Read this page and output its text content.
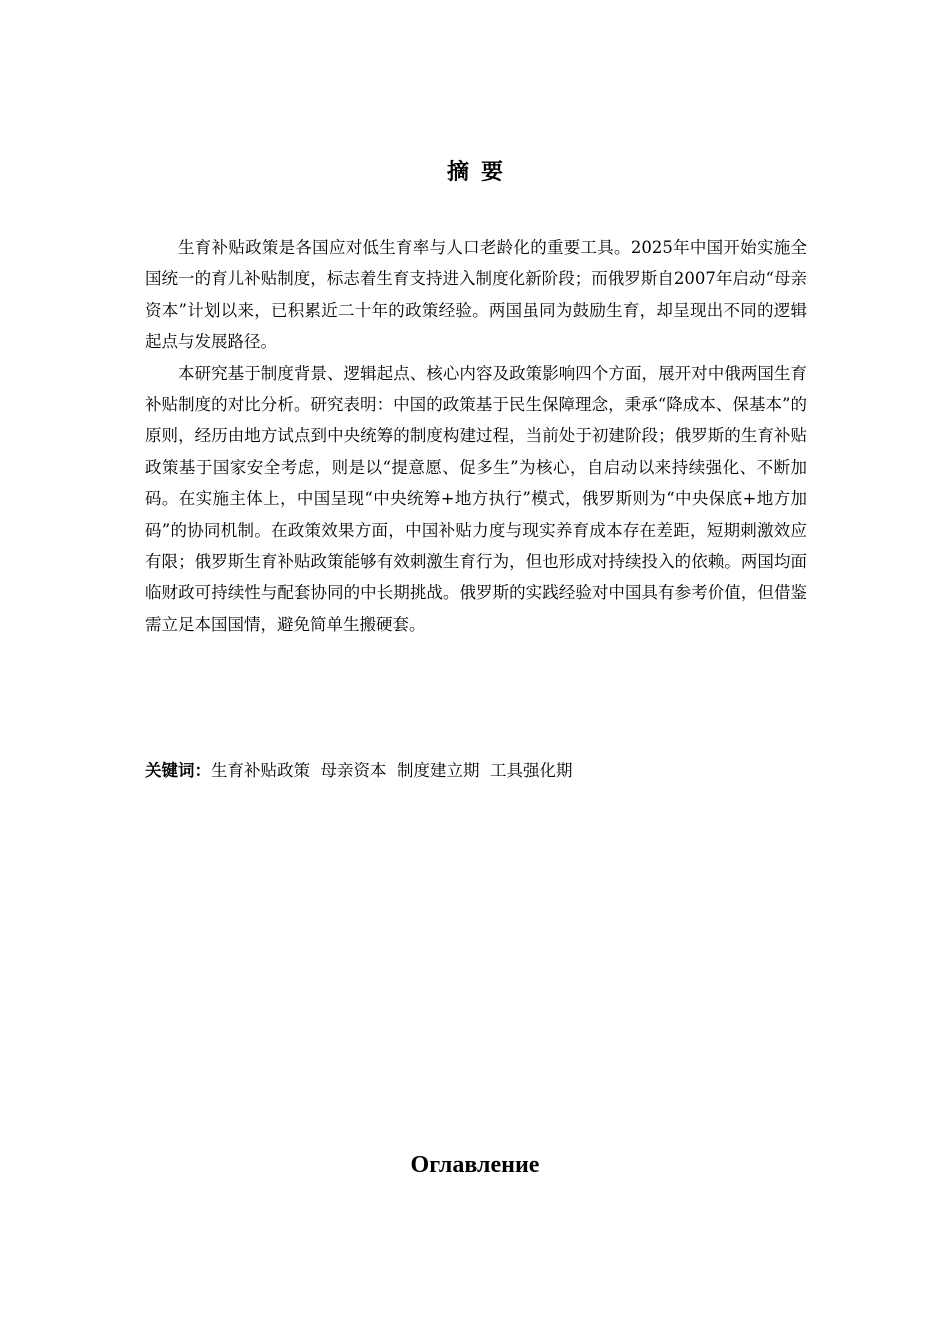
摘要

生育补贴政策是各国应对低生育率与人口老龄化的重要工具。2025年中国开始实施全国统一的育儿补贴制度，标志着生育支持进入制度化新阶段；而俄罗斯自2007年启动“母亲资本”计划以来，已积累近二十年的政策经验。两国虽同为鼓励生育，却呈现出不同的逻辑起点与发展路径。

本研究基于制度背景、逻辑起点、核心内容及政策影响四个方面，展开对中俄两国生育补贴制度的对比分析。研究表明：中国的政策基于民生保障理念，秉承“降成本、保基本”的原则，经历由地方试点到中央统筹的制度构建过程，当前处于初建阶段；俄罗斯的生育补贴政策基于国家安全考虑，则是以“提意愿、促多生”为核心，自启动以来持续强化、不断加码。在实施主体上，中国呈现“中央统筹+地方执行”模式，俄罗斯则为“中央保底+地方加码”的协同机制。在政策效果方面，中国补贴力度与现实养育成本存在差距，短期刺激效应有限；俄罗斯生育补贴政策能够有效刺激生育行为，但也形成对持续投入的依赖。两国均面临财政可持续性与配套协同的中长期挑战。俄罗斯的实践经验对中国具有参考价值，但借鉴需立足本国国情，避免简单生搬硬套。

关键词：生育补贴政策  母亲资本  制度建立期  工具强化期
Оглавление
